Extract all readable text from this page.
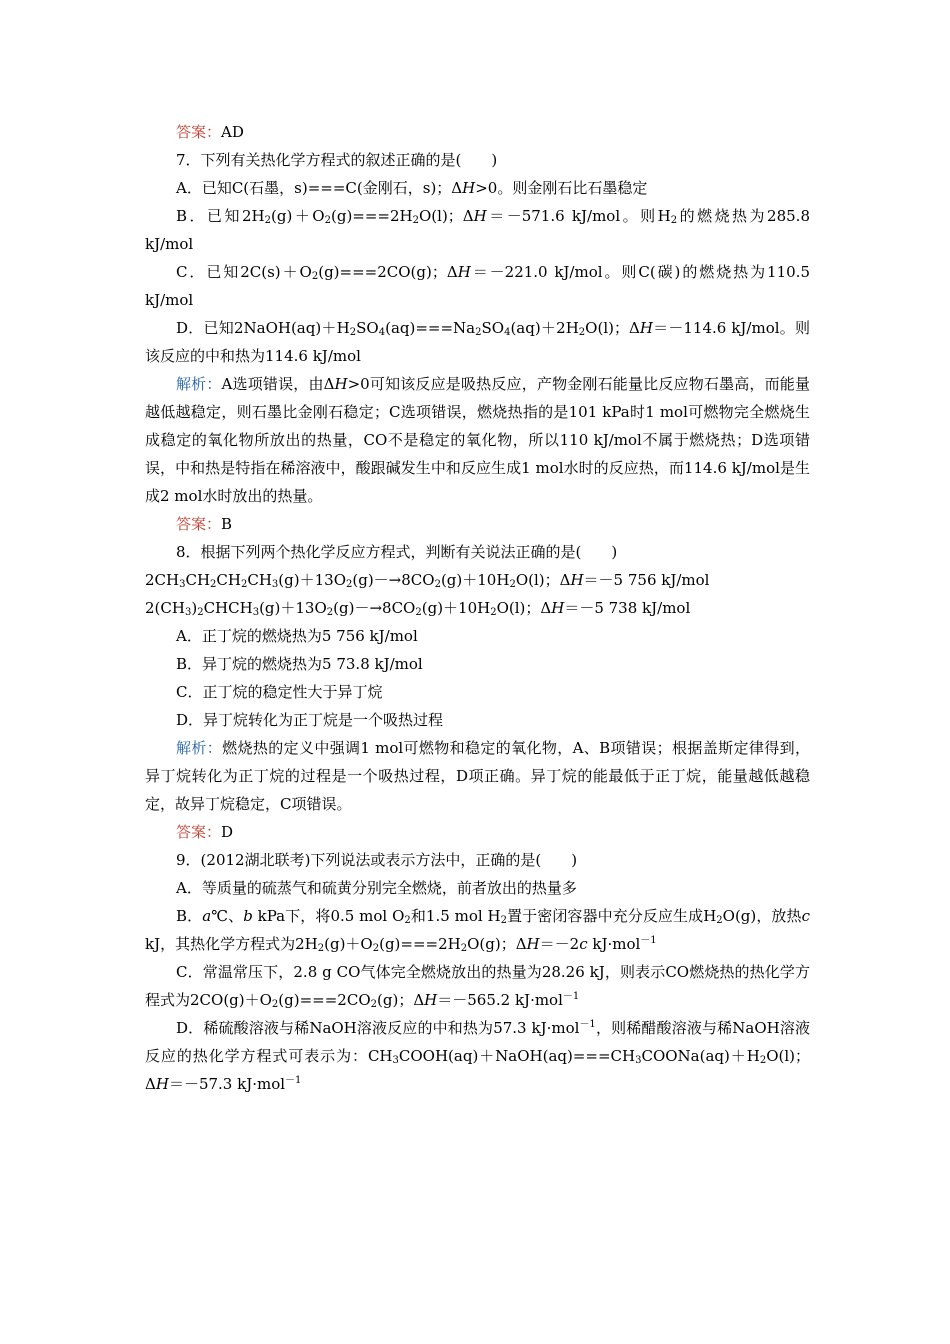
答案：AD

7．下列有关热化学方程式的叙述正确的是(　　)

A．已知C(石墨，s)===C(金刚石，s)；ΔH>0。则金刚石比石墨稳定

B．已知$2H_2(g)+O_2(g)===2H_2O(l)$；ΔH＝－571.6 kJ/mol。则$H_2$的燃烧热为285.8 kJ/mol

C．已知$2C(s)+O_2(g)===2CO(g)$；ΔH＝－221.0 kJ/mol。则C(碳)的燃烧热为110.5 kJ/mol

D．已知$2NaOH(aq)+H_2SO_4(aq)===Na_2SO_4(aq)+2H_2O(l)$；ΔH＝－114.6 kJ/mol。则该反应的中和热为114.6 kJ/mol

解析：A选项错误，由ΔH>0可知该反应是吸热反应，产物金刚石能量比反应物石墨高，而能量越低越稳定，则石墨比金刚石稳定；C选项错误，燃烧热指的是101 kPa时1 mol可燃物完全燃烧生成稳定的氧化物所放出的热量，CO不是稳定的氧化物，所以110 kJ/mol不属于燃烧热；D选项错误，中和热是特指在稀溶液中，酸跟碱发生中和反应生成1 mol水时的反应热，而114.6 kJ/mol是生成2 mol水时放出的热量。

答案：B

8．根据下列两个热化学反应方程式，判断有关说法正确的是(　　)

$2CH_3CH_2CH_2CH_3(g)+13O_2(g)-\to 8CO_2(g)+10H_2O(l)$；ΔH＝－5 756 kJ/mol

$2(CH_3)_2CHCH_3(g)+13O_2(g)-\to 8CO_2(g)+10H_2O(l)$；ΔH＝－5 738 kJ/mol

A．正丁烷的燃烧热为5 756 kJ/mol

B．异丁烷的燃烧热为5 73.8 kJ/mol

C．正丁烷的稳定性大于异丁烷

D．异丁烷转化为正丁烷是一个吸热过程

解析：燃烧热的定义中强调1 mol可燃物和稳定的氧化物，A、B项错误；根据盖斯定律得到，异丁烷转化为正丁烷的过程是一个吸热过程，D项正确。异丁烷的能最低于正丁烷，能量越低越稳定，故异丁烷稳定，C项错误。

答案：D

9．(2012湖北联考)下列说法或表示方法中，正确的是(　　)

A．等质量的硫蒸气和硫黄分别完全燃烧，前者放出的热量多

B．a℃、b kPa下，将0.5 mol $O_2$和1.5 mol $H_2$置于密闭容器中充分反应生成$H_2O(g)$，放热c kJ，其热化学方程式为$2H_2(g)+O_2(g)===2H_2O(g)$；ΔH＝－2c kJ·mol$^{-1}$

C．常温常压下，2.8 g CO气体完全燃烧放出的热量为28.26 kJ，则表示CO燃烧热的热化学方程式为$2CO(g)+O_2(g)===2CO_2(g)$；ΔH＝－565.2 kJ·mol$^{-1}$

D．稀硫酸溶液与稀NaOH溶液反应的中和热为57.3 kJ·mol$^{-1}$，则稀醋酸溶液与稀NaOH溶液反应的热化学方程式可表示为：$CH_3COOH(aq)+NaOH(aq)===CH_3COONa(aq)+H_2O(l)$；ΔH＝－57.3 kJ·mol$^{-1}$
